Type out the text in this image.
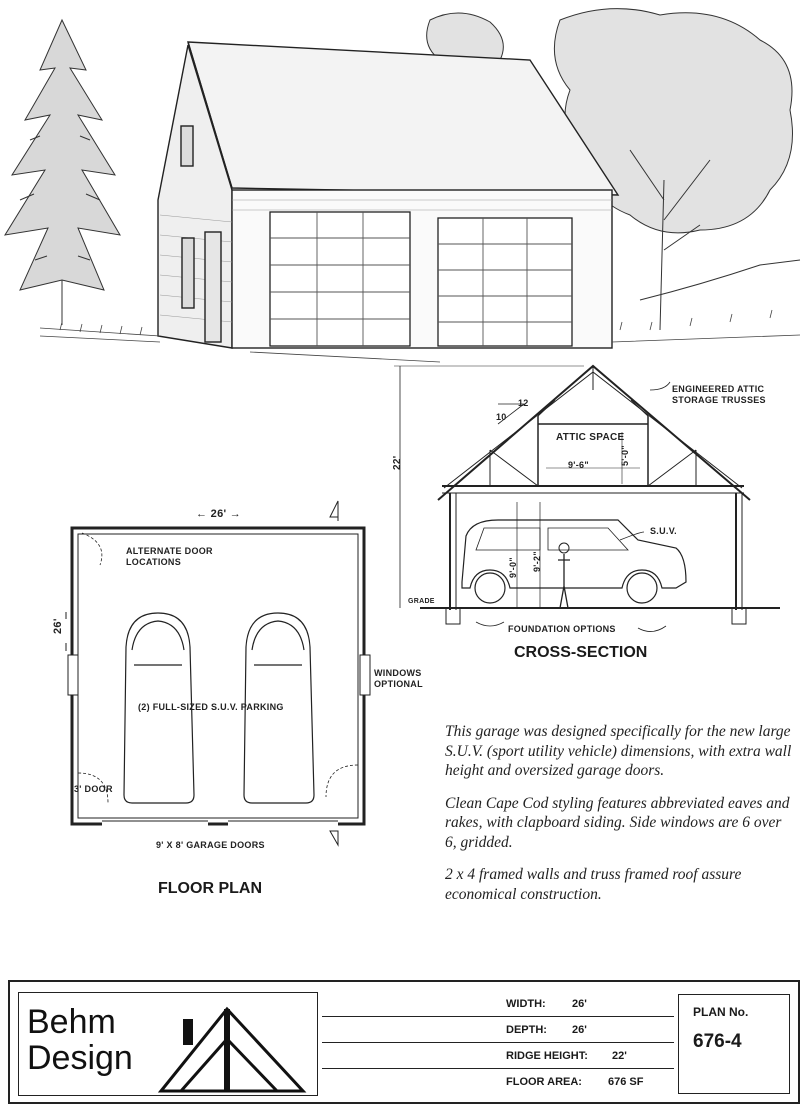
← 26' →
26'
ALTERNATE DOOR LOCATIONS
(2) FULL-SIZED S.U.V. PARKING
3' DOOR
9' X 8' GARAGE DOORS
WINDOWS OPTIONAL
FLOOR PLAN
22'
12
10
ENGINEERED ATTIC STORAGE TRUSSES
ATTIC SPACE
9'-6"	5'-0"
9'-0" 9'-2"
S.U.V.
GRADE
FOUNDATION OPTIONS
CROSS-SECTION

This garage was designed specifically for the new large S.U.V. (sport utility vehicle) dimensions, with extra wall height and oversized garage doors.

Clean Cape Cod styling features abbreviated eaves and rakes, with clapboard siding. Side windows are 6 over 6, gridded.

2 x 4 framed walls and truss framed roof assure economical construction.

Behm
Design
WIDTH: 26'
DEPTH: 26'
RIDGE HEIGHT: 22'
FLOOR AREA: 676 SF
PLAN No.
676-4
